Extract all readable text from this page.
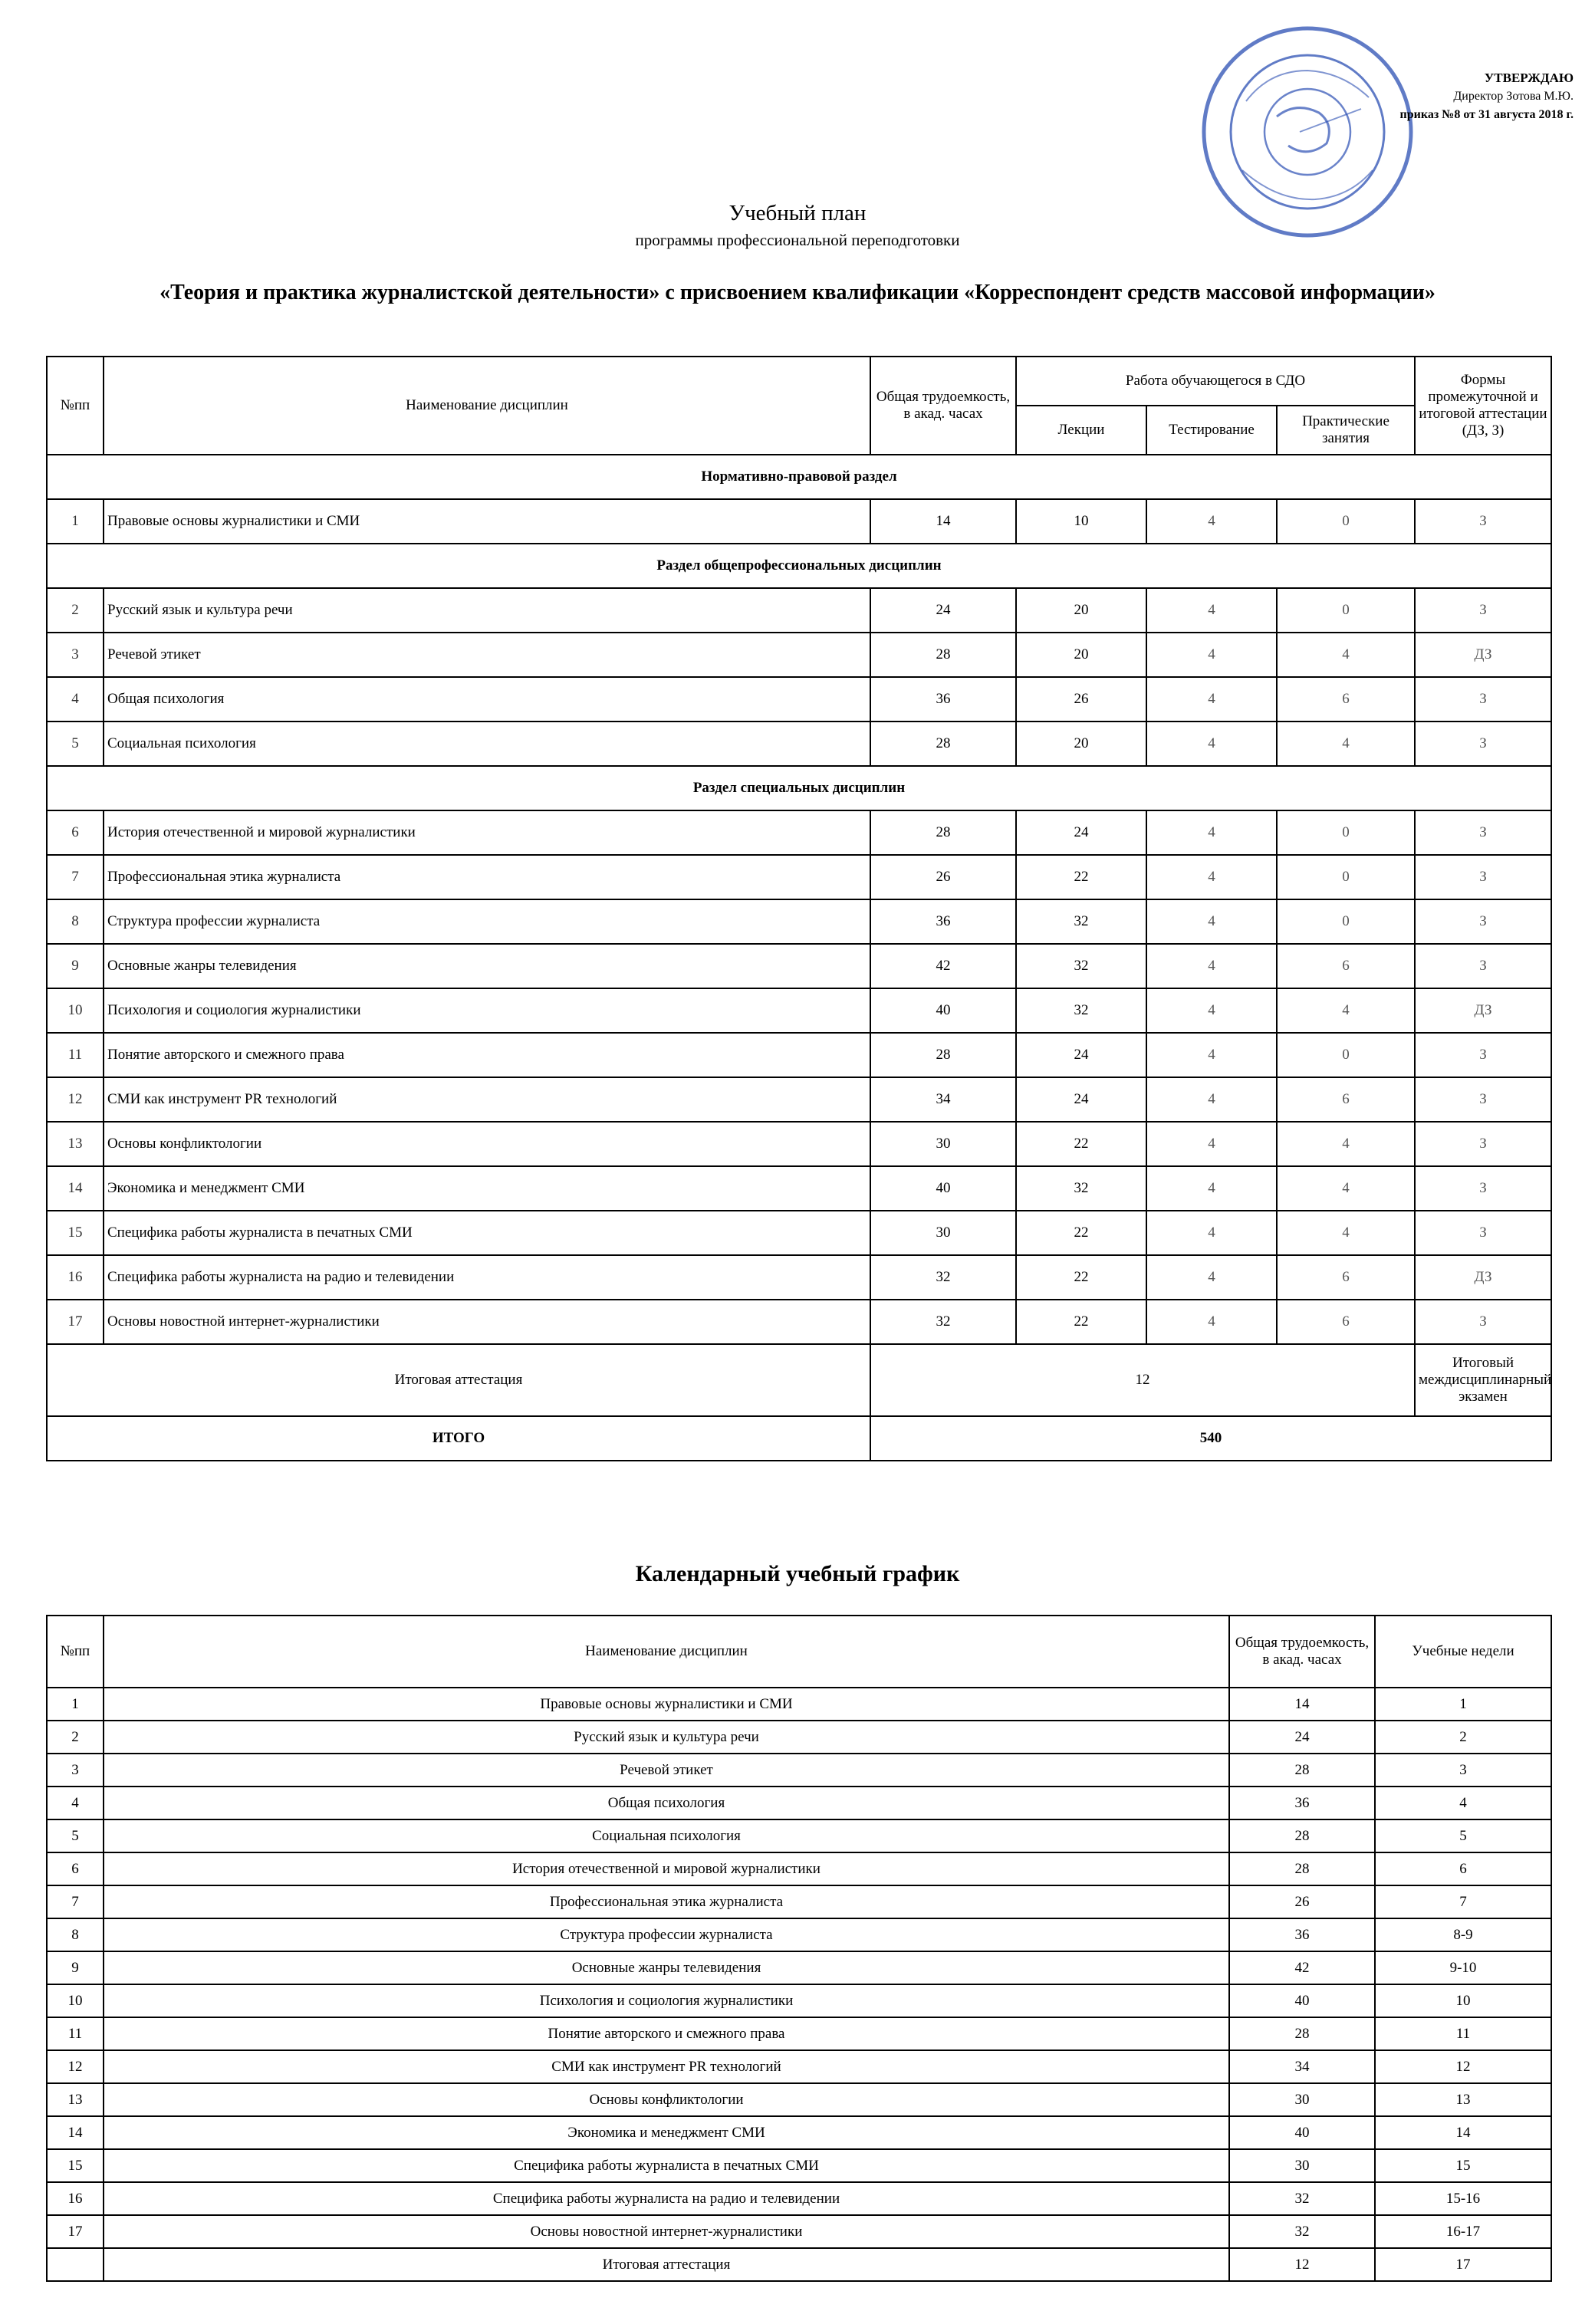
УТВЕРЖДАЮ
Директор Зотова М.Ю.
приказ №8 от 31 августа 2018 г.
Учебный план
программы профессиональной переподготовки
«Теория и практика журналистской деятельности» с присвоением квалификации «Корреспондент средств массовой информации»
№пп	Наименование дисциплин	Общая трудоемкость, в акад. часах	Работа обучающегося в СДО			Формы промежуточной и итоговой аттестации (ДЗ, З)
			Лекции	Тестирование	Практические занятия	
Нормативно-правовой раздел						
1	Правовые основы журналистики и СМИ	14	10	4	0	З
Раздел общепрофессиональных дисциплин						
2	Русский язык и культура речи	24	20	4	0	З
3	Речевой этикет	28	20	4	4	ДЗ
4	Общая психология	36	26	4	6	З
5	Социальная психология	28	20	4	4	З
Раздел специальных дисциплин						
6	История отечественной и мировой журналистики	28	24	4	0	З
7	Профессиональная этика журналиста	26	22	4	0	З
8	Структура профессии журналиста	36	32	4	0	З
9	Основные жанры телевидения	42	32	4	6	З
10	Психология и социология журналистики	40	32	4	4	ДЗ
11	Понятие авторского и смежного права	28	24	4	0	З
12	СМИ как инструмент PR технологий	34	24	4	6	З
13	Основы конфликтологии	30	22	4	4	З
14	Экономика и менеджмент СМИ	40	32	4	4	З
15	Специфика работы журналиста в печатных СМИ	30	22	4	4	З
16	Специфика работы журналиста на радио и телевидении	32	22	4	6	ДЗ
17	Основы новостной интернет-журналистики	32	22	4	6	З
Итоговая аттестация		12				Итоговый междисциплинарный экзамен
ИТОГО		540				
Календарный учебный график
№пп	Наименование дисциплин	Общая трудоемкость, в акад. часах	Учебные недели
1	Правовые основы журналистики и СМИ	14	1
2	Русский язык и культура речи	24	2
3	Речевой этикет	28	3
4	Общая психология	36	4
5	Социальная психология	28	5
6	История отечественной и мировой журналистики	28	6
7	Профессиональная этика журналиста	26	7
8	Структура профессии журналиста	36	8-9
9	Основные жанры телевидения	42	9-10
10	Психология и социология журналистики	40	10
11	Понятие авторского и смежного права	28	11
12	СМИ как инструмент PR технологий	34	12
13	Основы конфликтологии	30	13
14	Экономика и менеджмент СМИ	40	14
15	Специфика работы журналиста в печатных СМИ	30	15
16	Специфика работы журналиста на радио и телевидении	32	15-16
17	Основы новостной интернет-журналистики	32	16-17
	Итоговая аттестация	12	17
